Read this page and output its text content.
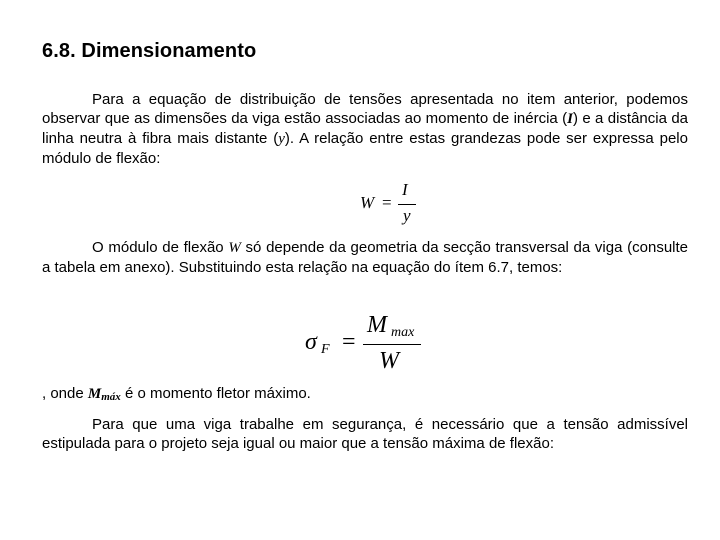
6.8. Dimensionamento

Para a equação de distribuição de tensões apresentada no item anterior, podemos observar que as dimensões da viga estão associadas ao momento de inércia (I) e a distância da linha neutra à fibra mais distante (y). A relação entre estas grandezas pode ser expressa pelo módulo de flexão:

W =
I
y

O módulo de flexão W só depende da geometria da secção transversal da viga (consulte a tabela em anexo). Substituindo esta relação na equação do ítem 6.7, temos:

σ F =
M max
W

, onde Mmáx é o momento fletor máximo.

Para que uma viga trabalhe em segurança, é necessário que a tensão admissível estipulada para o projeto seja igual ou maior que a tensão máxima de flexão:
